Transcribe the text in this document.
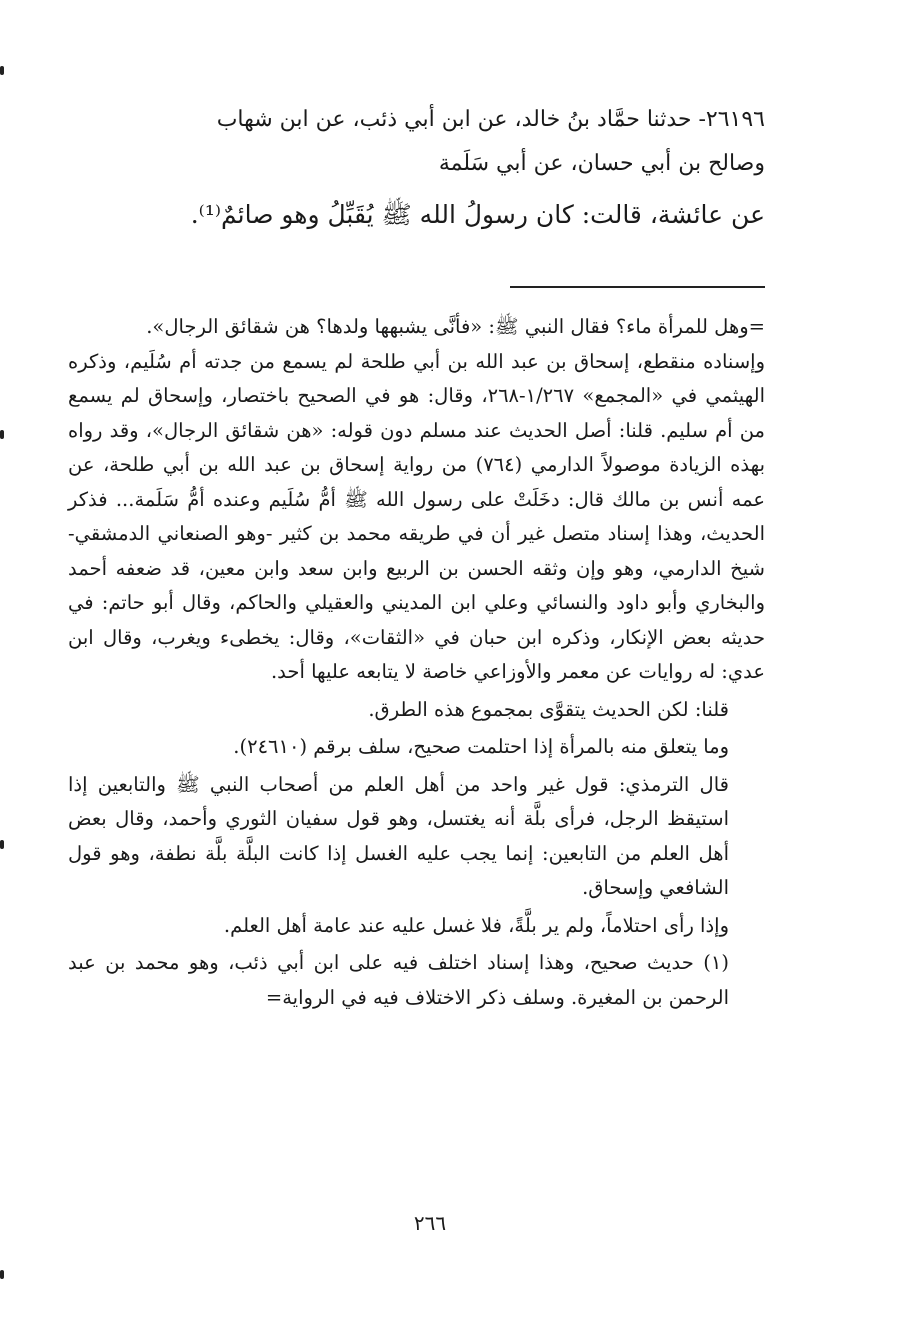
٢٦١٩٦- حدثنا حمَّاد بنُ خالد، عن ابن أبي ذئب، عن ابن شهاب

وصالح بن أبي حسان، عن أبي سَلَمة

عن عائشة، قالت: كان رسولُ الله ﷺ يُقَبِّلُ وهو صائمٌ⁽¹⁾.

=وهل للمرأة ماء؟ فقال النبي ﷺ: «فأنَّى يشبهها ولدها؟ هن شقائق الرجال».

وإسناده منقطع، إسحاق بن عبد الله بن أبي طلحة لم يسمع من جدته أم سُلَيم، وذكره الهيثمي في «المجمع» ١/٢٦٧-٢٦٨، وقال: هو في الصحيح باختصار، وإسحاق لم يسمع من أم سليم. قلنا: أصل الحديث عند مسلم دون قوله: «هن شقائق الرجال»، وقد رواه بهذه الزيادة موصولاً الدارمي (٧٦٤) من رواية إسحاق بن عبد الله بن أبي طلحة، عن عمه أنس بن مالك قال: دخَلَتْ على رسول الله ﷺ أمُّ سُلَيم وعنده أمُّ سَلَمة... فذكر الحديث، وهذا إسناد متصل غير أن في طريقه محمد بن كثير -وهو الصنعاني الدمشقي- شيخ الدارمي، وهو وإن وثقه الحسن بن الربيع وابن سعد وابن معين، قد ضعفه أحمد والبخاري وأبو داود والنسائي وعلي ابن المديني والعقيلي والحاكم، وقال أبو حاتم: في حديثه بعض الإنكار، وذكره ابن حبان في «الثقات»، وقال: يخطىء ويغرب، وقال ابن عدي: له روايات عن معمر والأوزاعي خاصة لا يتابعه عليها أحد.

قلنا: لكن الحديث يتقوَّى بمجموع هذه الطرق.

وما يتعلق منه بالمرأة إذا احتلمت صحيح، سلف برقم (٢٤٦١٠).

قال الترمذي: قول غير واحد من أهل العلم من أصحاب النبي ﷺ والتابعين إذا استيقظ الرجل، فرأى بلَّة أنه يغتسل، وهو قول سفيان الثوري وأحمد، وقال بعض أهل العلم من التابعين: إنما يجب عليه الغسل إذا كانت البلَّة بلَّة نطفة، وهو قول الشافعي وإسحاق.

وإذا رأى احتلاماً، ولم ير بلَّةً، فلا غسل عليه عند عامة أهل العلم.

(١) حديث صحيح، وهذا إسناد اختلف فيه على ابن أبي ذئب، وهو محمد بن عبد الرحمن بن المغيرة. وسلف ذكر الاختلاف فيه في الرواية=

٢٦٦
